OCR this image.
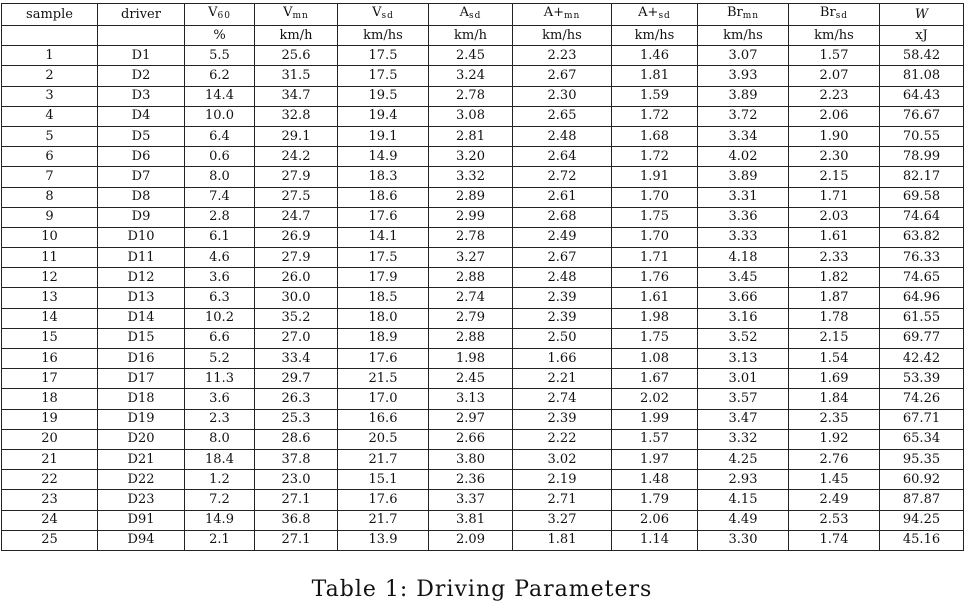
sample	driver	$V_{60}$	$V_{mn}$	$V_{sd}$	$A_{sd}$	$A+_{mn}$	$A+_{sd}$	$Br_{mn}$	$Br_{sd}$	W
		%	km/h	km/hs	km/h	km/hs	km/hs	km/hs	km/hs	xJ
1	D1	5.5	25.6	17.5	2.45	2.23	1.46	3.07	1.57	58.42
2	D2	6.2	31.5	17.5	3.24	2.67	1.81	3.93	2.07	81.08
3	D3	14.4	34.7	19.5	2.78	2.30	1.59	3.89	2.23	64.43
4	D4	10.0	32.8	19.4	3.08	2.65	1.72	3.72	2.06	76.67
5	D5	6.4	29.1	19.1	2.81	2.48	1.68	3.34	1.90	70.55
6	D6	0.6	24.2	14.9	3.20	2.64	1.72	4.02	2.30	78.99
7	D7	8.0	27.9	18.3	3.32	2.72	1.91	3.89	2.15	82.17
8	D8	7.4	27.5	18.6	2.89	2.61	1.70	3.31	1.71	69.58
9	D9	2.8	24.7	17.6	2.99	2.68	1.75	3.36	2.03	74.64
10	D10	6.1	26.9	14.1	2.78	2.49	1.70	3.33	1.61	63.82
11	D11	4.6	27.9	17.5	3.27	2.67	1.71	4.18	2.33	76.33
12	D12	3.6	26.0	17.9	2.88	2.48	1.76	3.45	1.82	74.65
13	D13	6.3	30.0	18.5	2.74	2.39	1.61	3.66	1.87	64.96
14	D14	10.2	35.2	18.0	2.79	2.39	1.98	3.16	1.78	61.55
15	D15	6.6	27.0	18.9	2.88	2.50	1.75	3.52	2.15	69.77
16	D16	5.2	33.4	17.6	1.98	1.66	1.08	3.13	1.54	42.42
17	D17	11.3	29.7	21.5	2.45	2.21	1.67	3.01	1.69	53.39
18	D18	3.6	26.3	17.0	3.13	2.74	2.02	3.57	1.84	74.26
19	D19	2.3	25.3	16.6	2.97	2.39	1.99	3.47	2.35	67.71
20	D20	8.0	28.6	20.5	2.66	2.22	1.57	3.32	1.92	65.34
21	D21	18.4	37.8	21.7	3.80	3.02	1.97	4.25	2.76	95.35
22	D22	1.2	23.0	15.1	2.36	2.19	1.48	2.93	1.45	60.92
23	D23	7.2	27.1	17.6	3.37	2.71	1.79	4.15	2.49	87.87
24	D91	14.9	36.8	21.7	3.81	3.27	2.06	4.49	2.53	94.25
25	D94	2.1	27.1	13.9	2.09	1.81	1.14	3.30	1.74	45.16
Table 1: Driving Parameters
